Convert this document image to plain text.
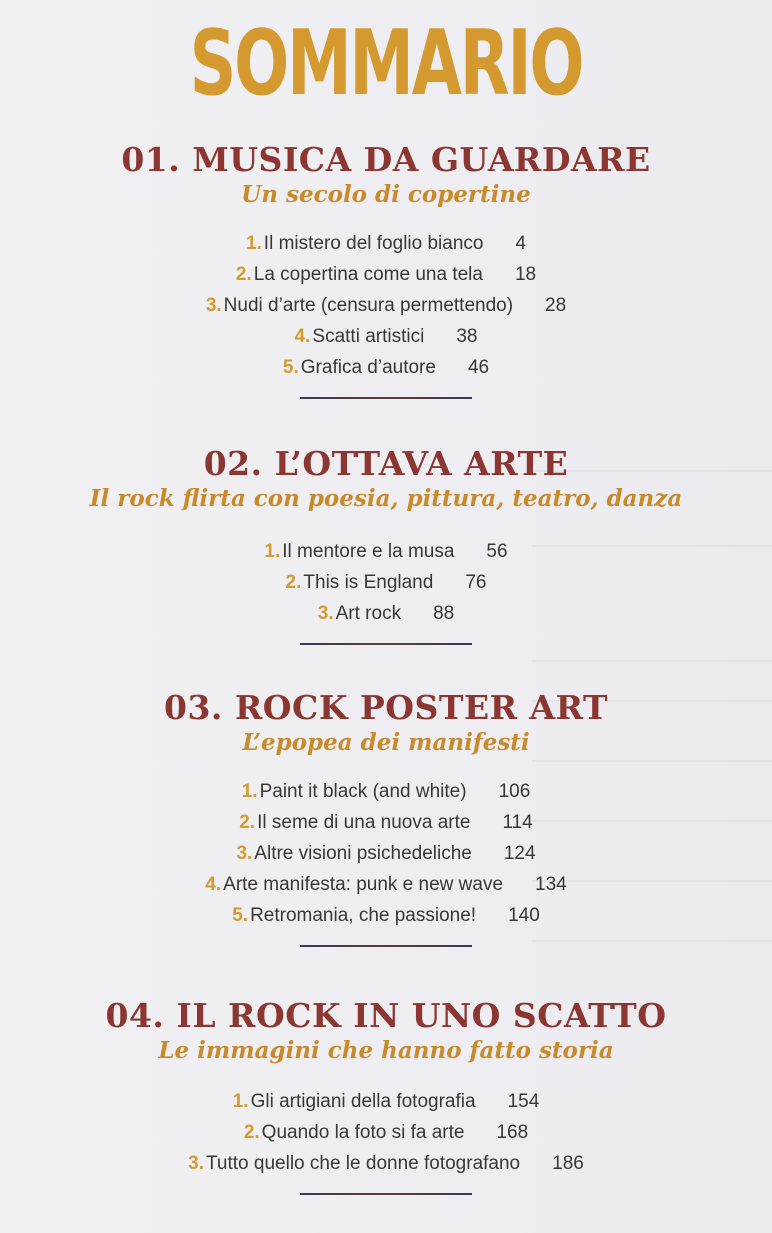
SOMMARIO
01. MUSICA DA GUARDARE
Un secolo di copertine
1. Il mistero del foglio bianco 4
2. La copertina come una tela 18
3. Nudi d’arte (censura permettendo) 28
4. Scatti artistici 38
5. Grafica d’autore 46
02. L’OTTAVA ARTE
Il rock flirta con poesia, pittura, teatro, danza
1. Il mentore e la musa 56
2. This is England 76
3. Art rock 88
03. ROCK POSTER ART
L’epopea dei manifesti
1. Paint it black (and white) 106
2. Il seme di una nuova arte 114
3. Altre visioni psichedeliche 124
4. Arte manifesta: punk e new wave 134
5. Retromania, che passione! 140
04. IL ROCK IN UNO SCATTO
Le immagini che hanno fatto storia
1. Gli artigiani della fotografia 154
2. Quando la foto si fa arte 168
3. Tutto quello che le donne fotografano 186
